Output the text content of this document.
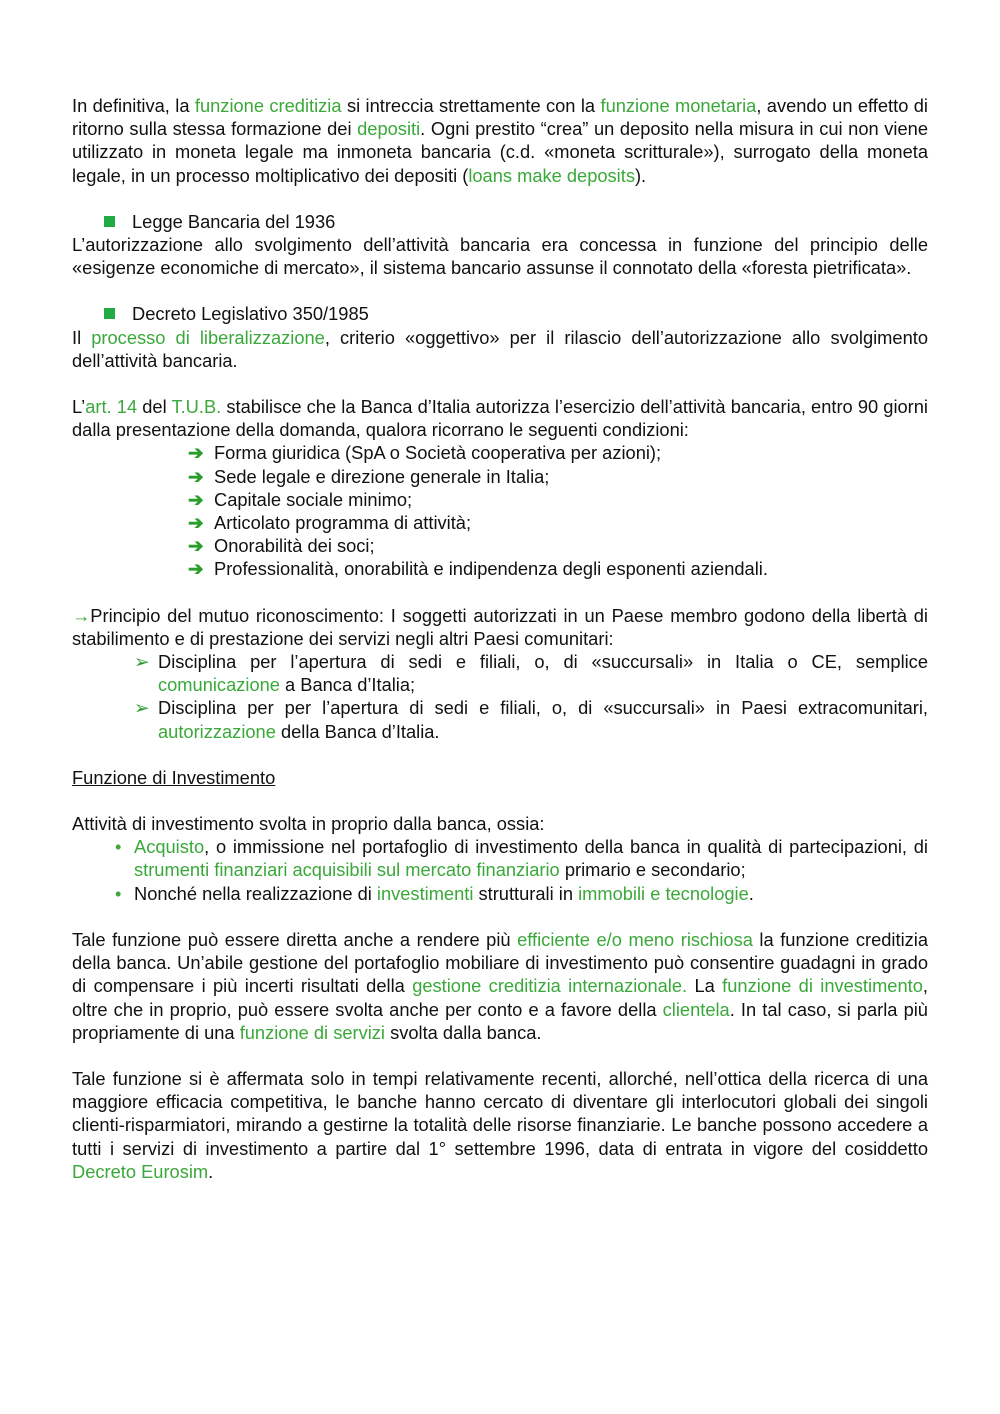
In definitiva, la funzione creditizia si intreccia strettamente con la funzione monetaria, avendo un effetto di ritorno sulla stessa formazione dei depositi. Ogni prestito “crea” un deposito nella misura in cui non viene utilizzato in moneta legale ma inmoneta bancaria (c.d. «moneta scritturale»), surrogato della moneta legale, in un processo moltiplicativo dei depositi (loans make deposits).

Legge Bancaria del 1936

L’autorizzazione allo svolgimento dell’attività bancaria era concessa in funzione del principio delle «esigenze economiche di mercato», il sistema bancario assunse il connotato della «foresta pietrificata».

Decreto Legislativo 350/1985

Il processo di liberalizzazione, criterio «oggettivo» per il rilascio dell’autorizzazione allo svolgimento dell’attività bancaria.

L’art. 14 del T.U.B. stabilisce che la Banca d’Italia autorizza l’esercizio dell’attività bancaria, entro 90 giorni dalla presentazione della domanda, qualora ricorrano le seguenti condizioni:

➔ Forma giuridica (SpA o Società cooperativa per azioni);
➔ Sede legale e direzione generale in Italia;
➔ Capitale sociale minimo;
➔ Articolato programma di attività;
➔ Onorabilità dei soci;
➔ Professionalità, onorabilità e indipendenza degli esponenti aziendali.

→Principio del mutuo riconoscimento: I soggetti autorizzati in un Paese membro godono della libertà di stabilimento e di prestazione dei servizi negli altri Paesi comunitari:

➢ Disciplina per l’apertura di sedi e filiali, o, di «succursali» in Italia o CE, semplice comunicazione a Banca d’Italia;
➢ Disciplina per per l’apertura di sedi e filiali, o, di «succursali» in Paesi extracomunitari, autorizzazione della Banca d’Italia.

Funzione di Investimento

Attività di investimento svolta in proprio dalla banca, ossia:

• Acquisto, o immissione nel portafoglio di investimento della banca in qualità di partecipazioni, di strumenti finanziari acquisibili sul mercato finanziario primario e secondario;
• Nonché nella realizzazione di investimenti strutturali in immobili e tecnologie.

Tale funzione può essere diretta anche a rendere più efficiente e/o meno rischiosa la funzione creditizia della banca. Un’abile gestione del portafoglio mobiliare di investimento può consentire guadagni in grado di compensare i più incerti risultati della gestione creditizia internazionale. La funzione di investimento, oltre che in proprio, può essere svolta anche per conto e a favore della clientela. In tal caso, si parla più propriamente di una funzione di servizi svolta dalla banca.

Tale funzione si è affermata solo in tempi relativamente recenti, allorché, nell’ottica della ricerca di una maggiore efficacia competitiva, le banche hanno cercato di diventare gli interlocutori globali dei singoli clienti-risparmiatori, mirando a gestirne la totalità delle risorse finanziarie. Le banche possono accedere a tutti i servizi di investimento a partire dal 1° settembre 1996, data di entrata in vigore del cosiddetto Decreto Eurosim.
